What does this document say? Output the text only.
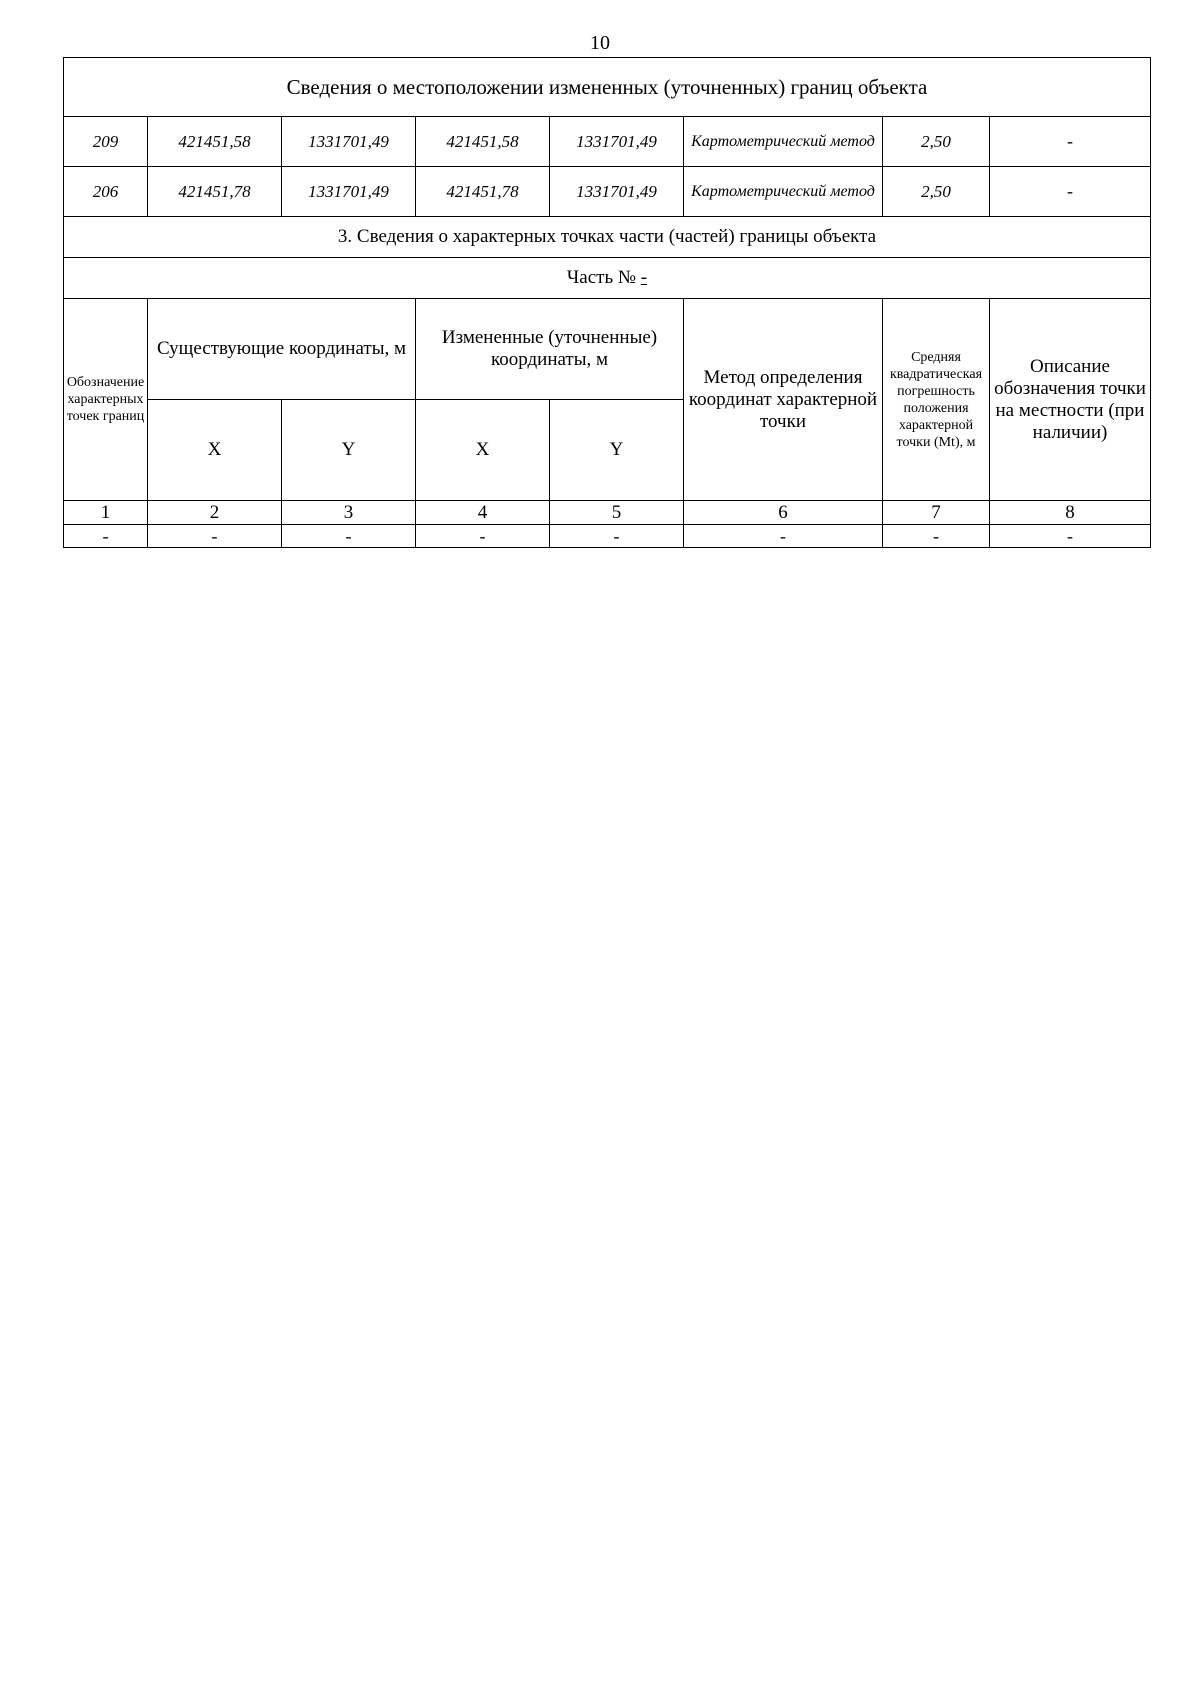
10
Сведения о местоположении измененных (уточненных) границ объекта							
209	421451,58	1331701,49	421451,58	1331701,49	Картометрический метод	2,50	-
206	421451,78	1331701,49	421451,78	1331701,49	Картометрический метод	2,50	-
3. Сведения о характерных точках части (частей) границы объекта							
Часть № -							
Обозначение характерных точек границ	Существующие координаты, м		Измененные (уточненные) координаты, м		Метод определения координат характерной точки	Средняя квадратическая погрешность положения характерной точки (Mt), м	Описание обозначения точки на местности (при наличии)
	X	Y	X	Y			
1	2	3	4	5	6	7	8
-	-	-	-	-	-	-	-
